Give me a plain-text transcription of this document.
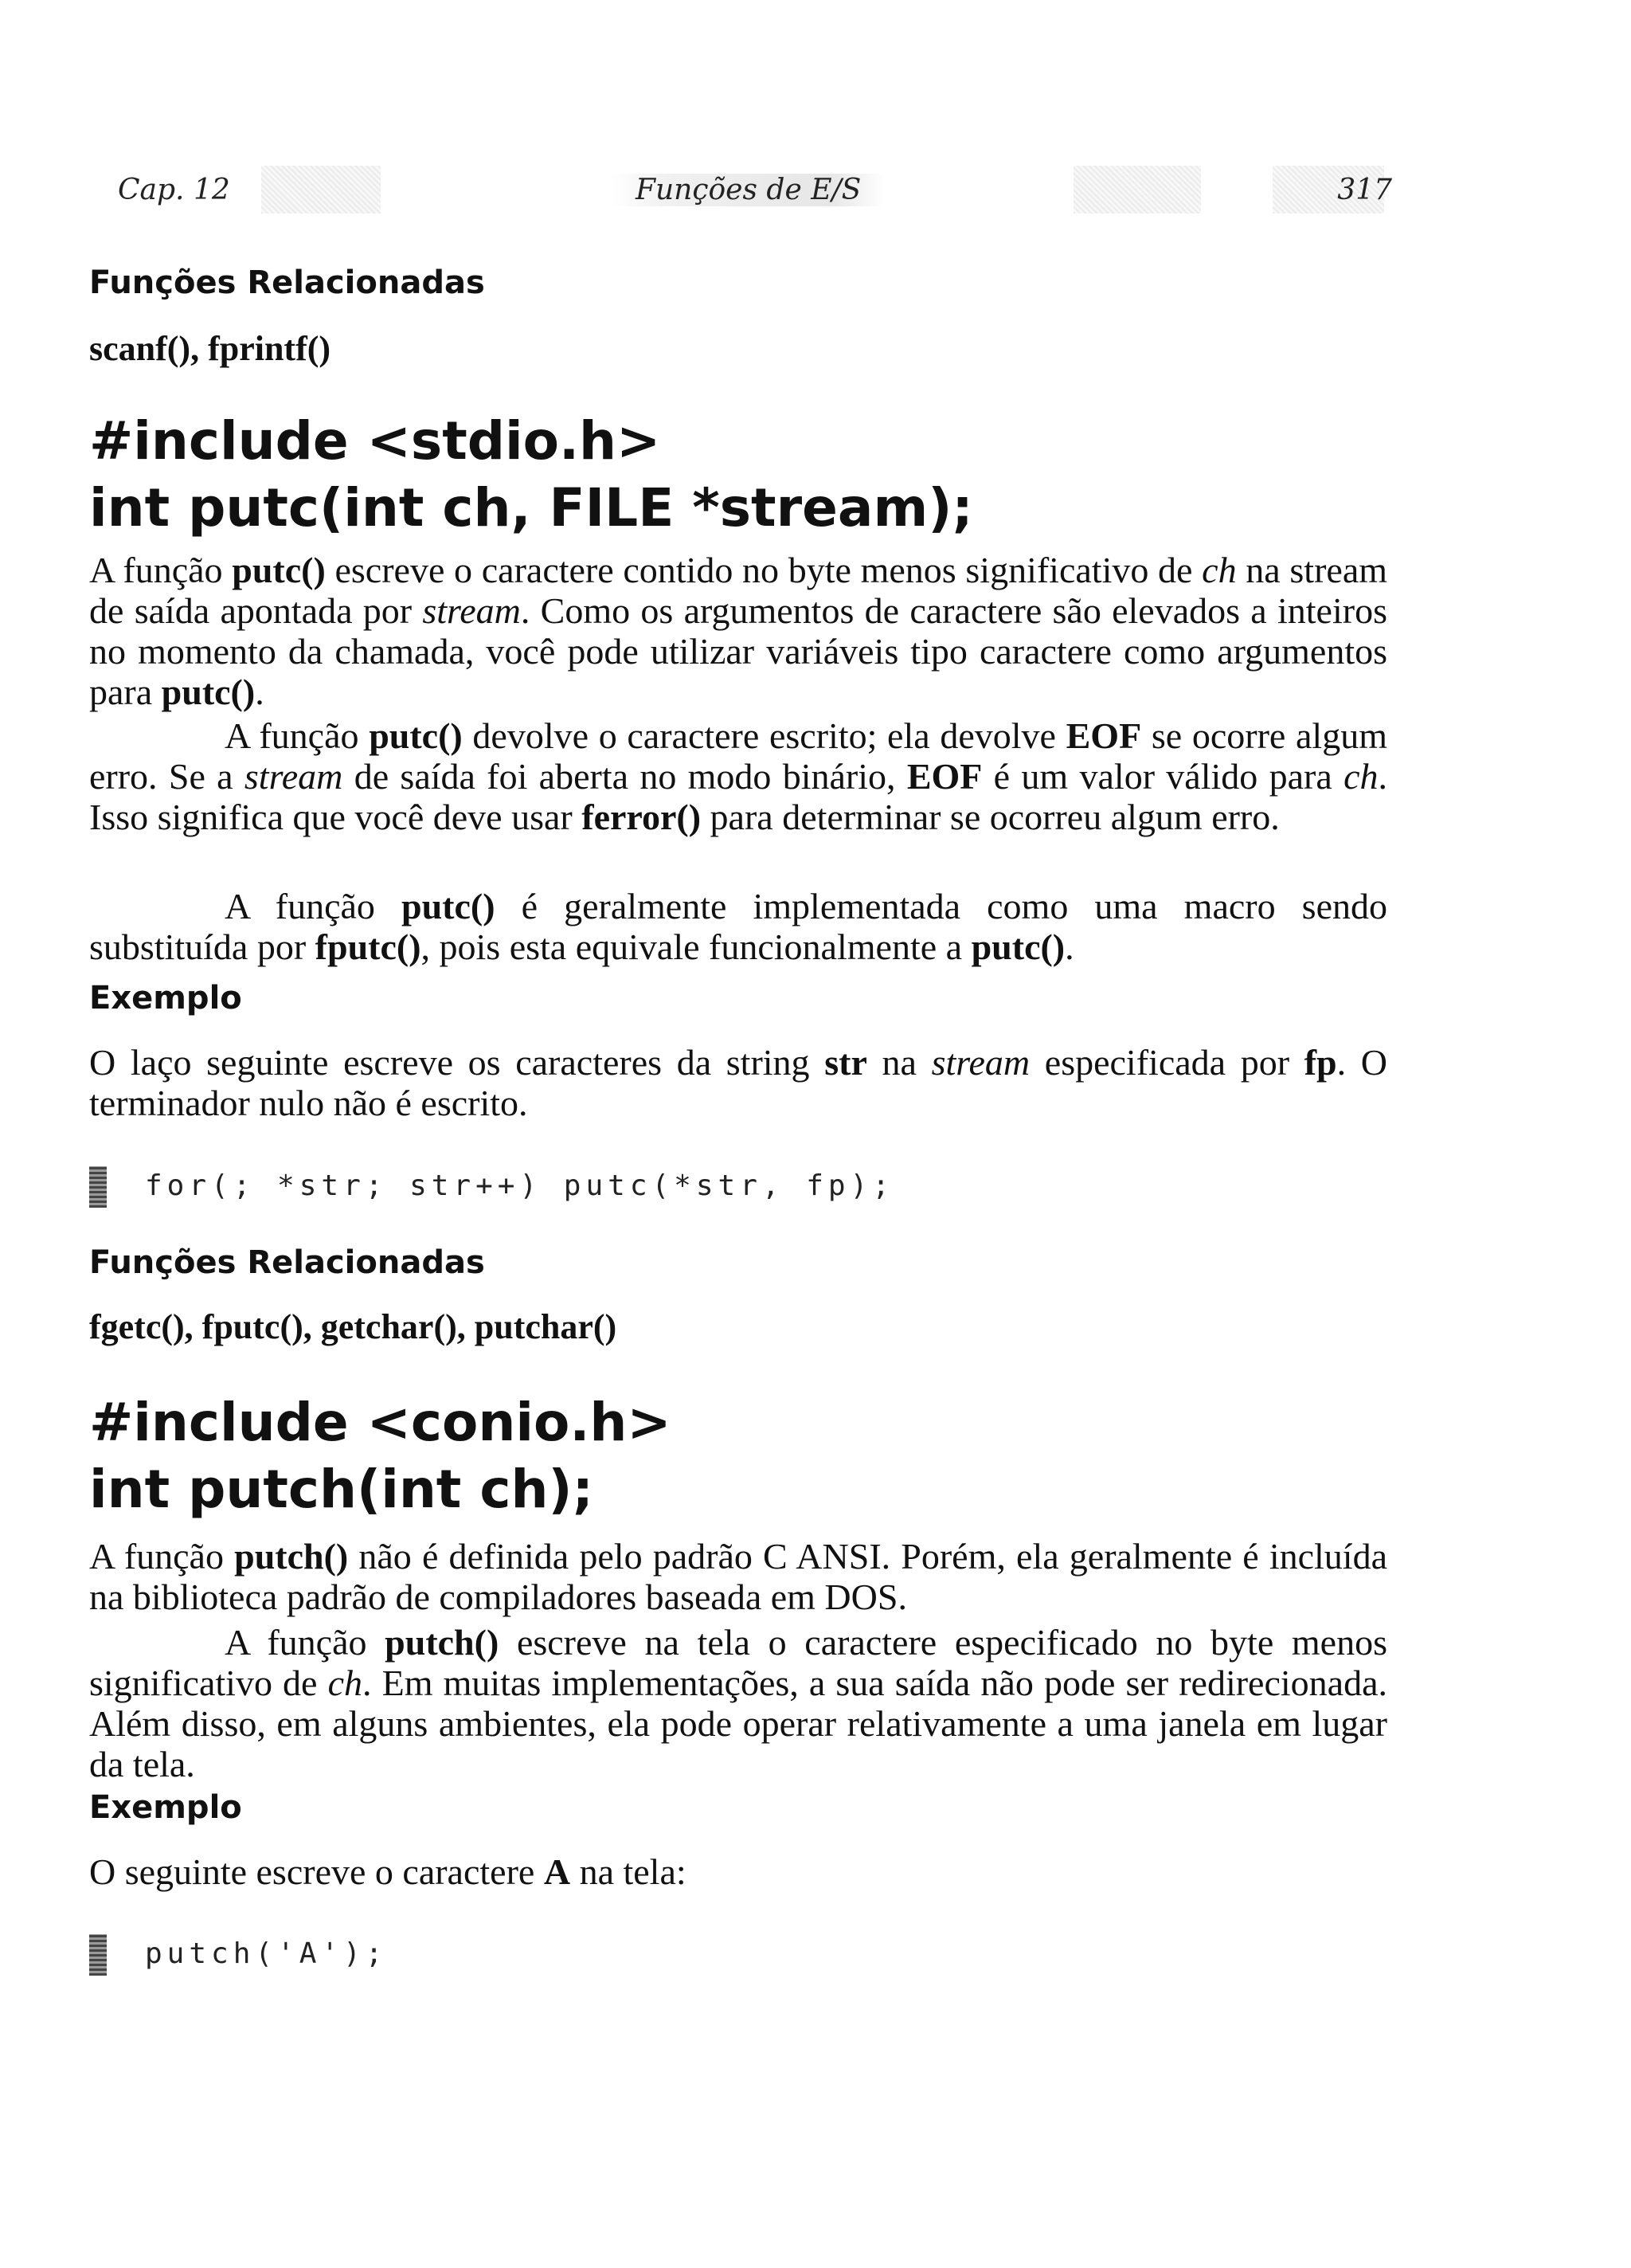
Cap. 12	Funções de E/S	317
Funções Relacionadas
scanf(), fprintf()
#include <stdio.h>
int putc(int ch, FILE *stream);
A função putc() escreve o caractere contido no byte menos significativo de ch na stream de saída apontada por stream. Como os argumentos de caractere são elevados a inteiros no momento da chamada, você pode utilizar variáveis tipo caractere como argumentos para putc().
A função putc() devolve o caractere escrito; ela devolve EOF se ocorre algum erro. Se a stream de saída foi aberta no modo binário, EOF é um valor válido para ch. Isso significa que você deve usar ferror() para determinar se ocorreu algum erro.
A função putc() é geralmente implementada como uma macro sendo substituída por fputc(), pois esta equivale funcionalmente a putc().
Exemplo
O laço seguinte escreve os caracteres da string str na stream especificada por fp. O terminador nulo não é escrito.
for(; *str; str++) putc(*str, fp);
Funções Relacionadas
fgetc(), fputc(), getchar(), putchar()
#include <conio.h>
int putch(int ch);
A função putch() não é definida pelo padrão C ANSI. Porém, ela geralmente é incluída na biblioteca padrão de compiladores baseada em DOS.
A função putch() escreve na tela o caractere especificado no byte menos significativo de ch. Em muitas implementações, a sua saída não pode ser redirecionada. Além disso, em alguns ambientes, ela pode operar relativamente a uma janela em lugar da tela.
Exemplo
O seguinte escreve o caractere A na tela:
putch('A');
